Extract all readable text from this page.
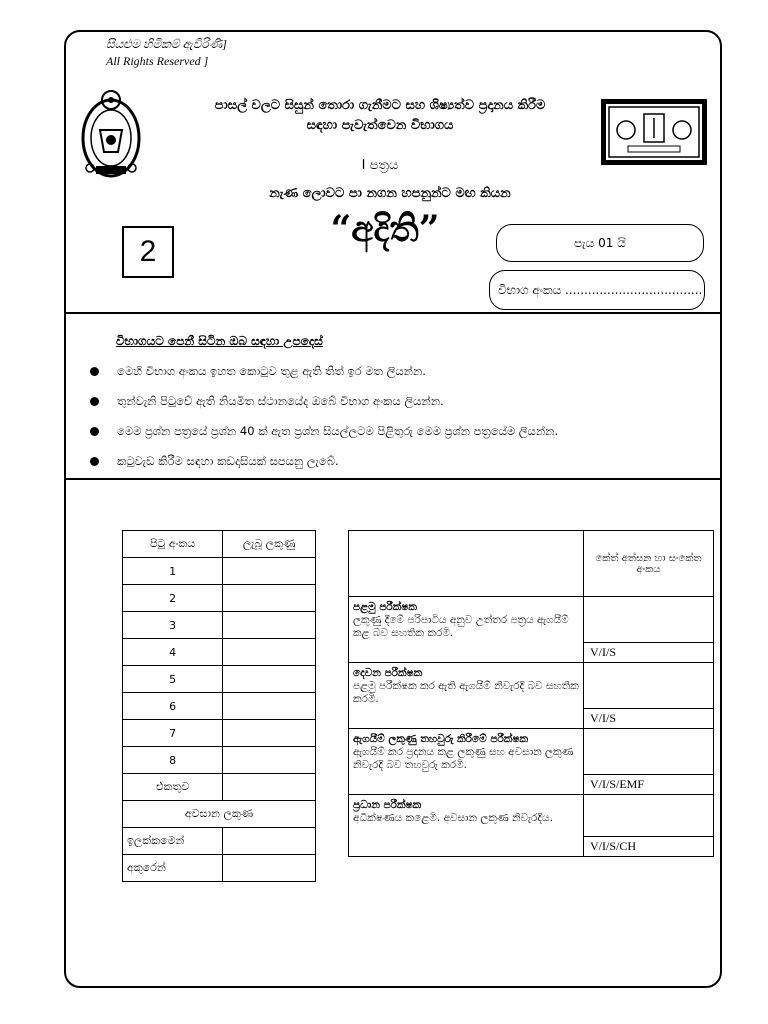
සියළුම හිමිකම් ඇවිරිණි]
All Rights Reserved ]
පාසල් වලට සිසුන් තොරා ගැනීමට සහ ශිෂ්‍යත්ව ප්‍රදානය කිරීම
සඳහා පැවැත්වෙන විභාගය
I පත්‍රය
නැණ ලොවට පා නගන හපනුන්ට මඟ කියන
“අදිති”
2	පැය 01 යි
විභාග අංකය ....................................
විභාගයට පෙනී සිටින ඔබ සඳහා උපදෙස්
මෙහි විභාග අංකය ඉහත කොටුව තුළ ඇති තිත් ඉර මත ලියන්න.
තුන්වැනි පිටුවේ ඇති නියමිත ස්ථානයේද ඔබේ විභාග අංකය ලියන්න.
මෙම ප්‍රශ්න පත්‍රයේ ප්‍රශ්න 40 ක් ඇත ප්‍රශ්න සියල්ලටම පිළිතුරු මෙම ප්‍රශ්න පත්‍රයේම ලියන්න.
කටුවැඩ කිරීම සඳහා කඩදාසියක් සපයනු ලැබේ.
පිටු අංකය	ලැබූ ලකුණු
1	
2	
3	
4	
5	
6	
7	
8	
එකතුව	
අවසාන ලකුණ	
ඉලක්කමෙන්	
අකුරෙන්	
	කේත් අත්සන හා සංකේත අංකය
පළමු පරීක්ෂක
ලකුණු දීමේ පරිපාටිය අනුව උත්තර පත්‍රය ඇගයීම් කළ බව සහතික කරමි.	V/I/S

දෙවන පරීක්ෂක
පළමු පරීක්ෂක කර ඇති ඇගයීම් නිවැරදි බව සහතික කරමි.	V/I/S

ඇගයීම් ලකුණු තහවුරු කිරීමේ පරීක්ෂක
ඇගයීම් කර ප්‍රදානය කළ ලකුණු සහ අවසාන ලකුණ නිවැරදි බව තහවුරු කරමි.	V/I/S/EMF

ප්‍රධාන පරීක්ෂක
අධීක්ෂණය කළෙමි. අවසාන ලකුණ නිවැරදිය.	V/I/S/CH
